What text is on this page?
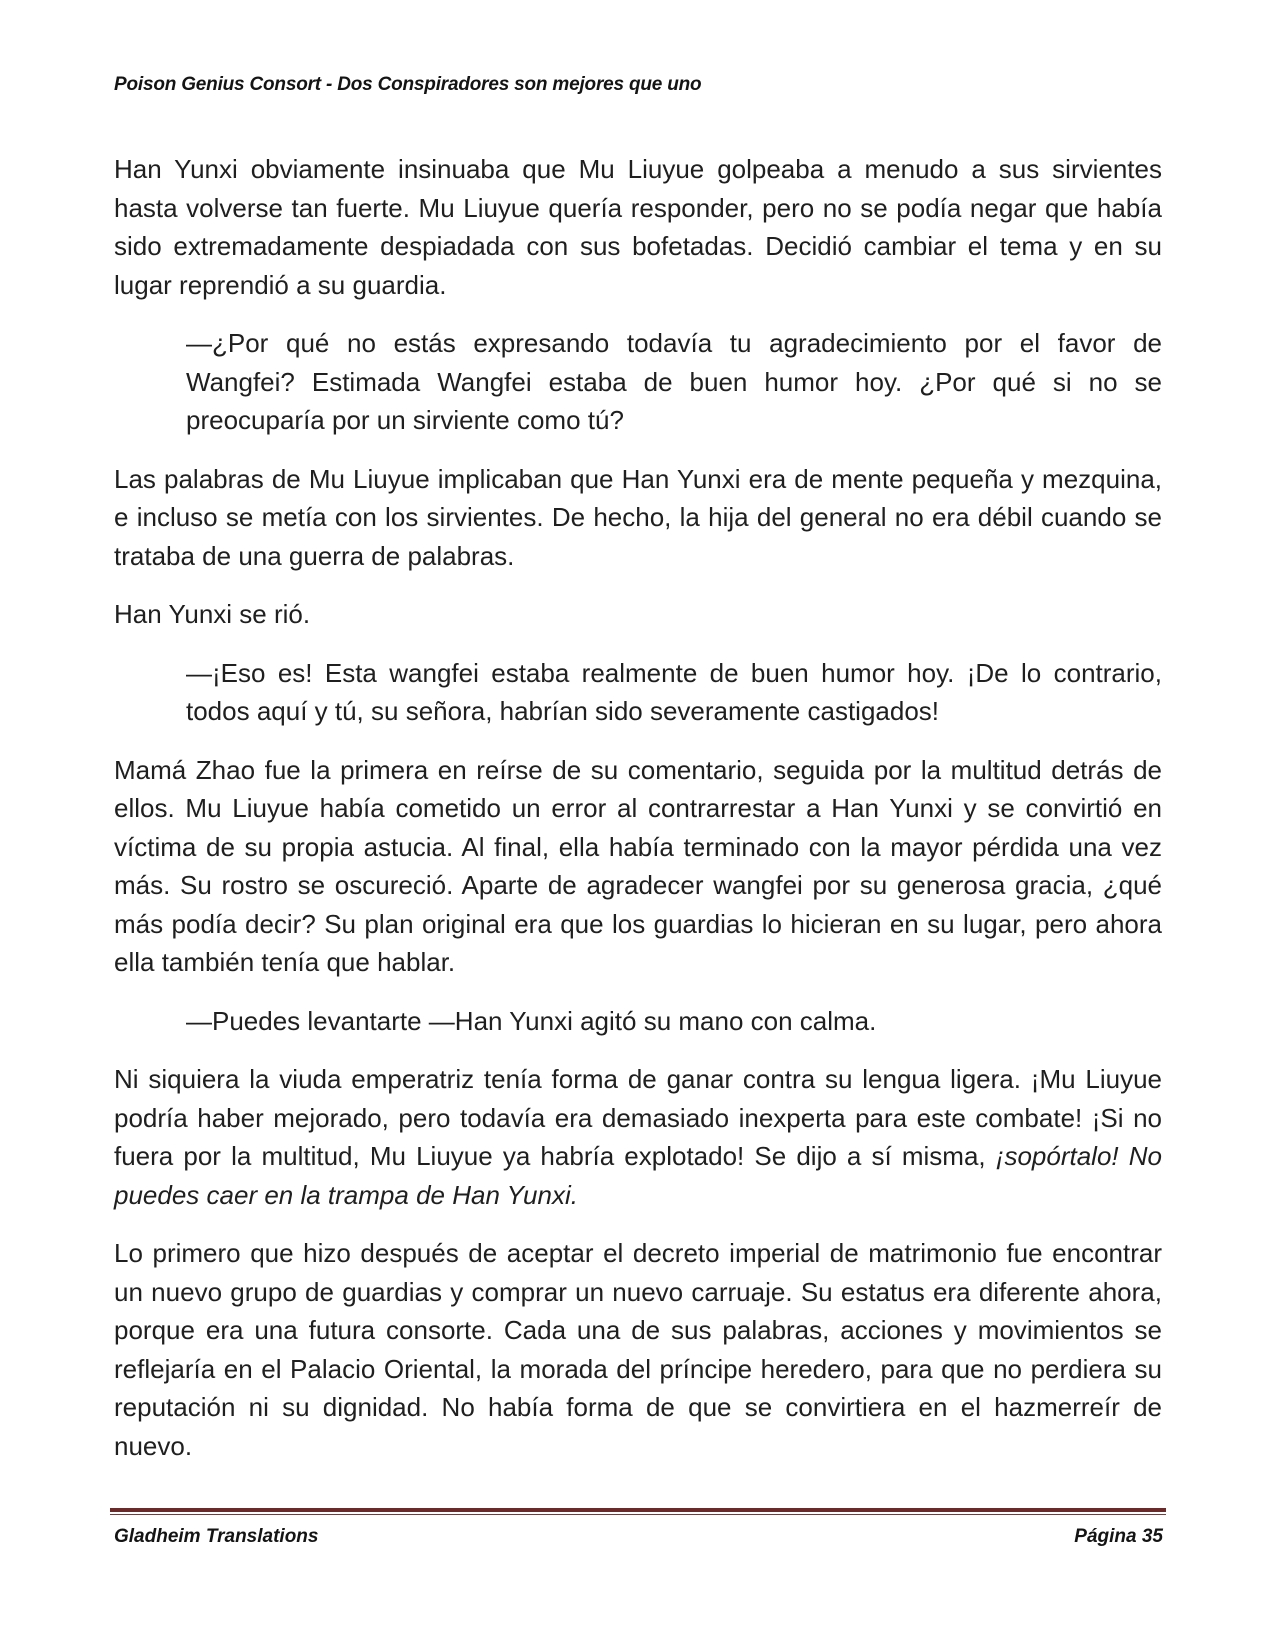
Poison Genius Consort - Dos Conspiradores son mejores que uno

Han Yunxi obviamente insinuaba que Mu Liuyue golpeaba a menudo a sus sirvientes hasta volverse tan fuerte. Mu Liuyue quería responder, pero no se podía negar que había sido extremadamente despiadada con sus bofetadas. Decidió cambiar el tema y en su lugar reprendió a su guardia.

—¿Por qué no estás expresando todavía tu agradecimiento por el favor de Wangfei? Estimada Wangfei estaba de buen humor hoy. ¿Por qué si no se preocuparía por un sirviente como tú?

Las palabras de Mu Liuyue implicaban que Han Yunxi era de mente pequeña y mezquina, e incluso se metía con los sirvientes. De hecho, la hija del general no era débil cuando se trataba de una guerra de palabras.

Han Yunxi se rió.

—¡Eso es! Esta wangfei estaba realmente de buen humor hoy. ¡De lo contrario, todos aquí y tú, su señora, habrían sido severamente castigados!

Mamá Zhao fue la primera en reírse de su comentario, seguida por la multitud detrás de ellos. Mu Liuyue había cometido un error al contrarrestar a Han Yunxi y se convirtió en víctima de su propia astucia. Al final, ella había terminado con la mayor pérdida una vez más. Su rostro se oscureció. Aparte de agradecer wangfei por su generosa gracia, ¿qué más podía decir? Su plan original era que los guardias lo hicieran en su lugar, pero ahora ella también tenía que hablar.

—Puedes levantarte —Han Yunxi agitó su mano con calma.

Ni siquiera la viuda emperatriz tenía forma de ganar contra su lengua ligera. ¡Mu Liuyue podría haber mejorado, pero todavía era demasiado inexperta para este combate! ¡Si no fuera por la multitud, Mu Liuyue ya habría explotado! Se dijo a sí misma, ¡sopórtalo! No puedes caer en la trampa de Han Yunxi.

Lo primero que hizo después de aceptar el decreto imperial de matrimonio fue encontrar un nuevo grupo de guardias y comprar un nuevo carruaje. Su estatus era diferente ahora, porque era una futura consorte. Cada una de sus palabras, acciones y movimientos se reflejaría en el Palacio Oriental, la morada del príncipe heredero, para que no perdiera su reputación ni su dignidad. No había forma de que se convirtiera en el hazmerreír de nuevo.

Gladheim Translations	Página 35
